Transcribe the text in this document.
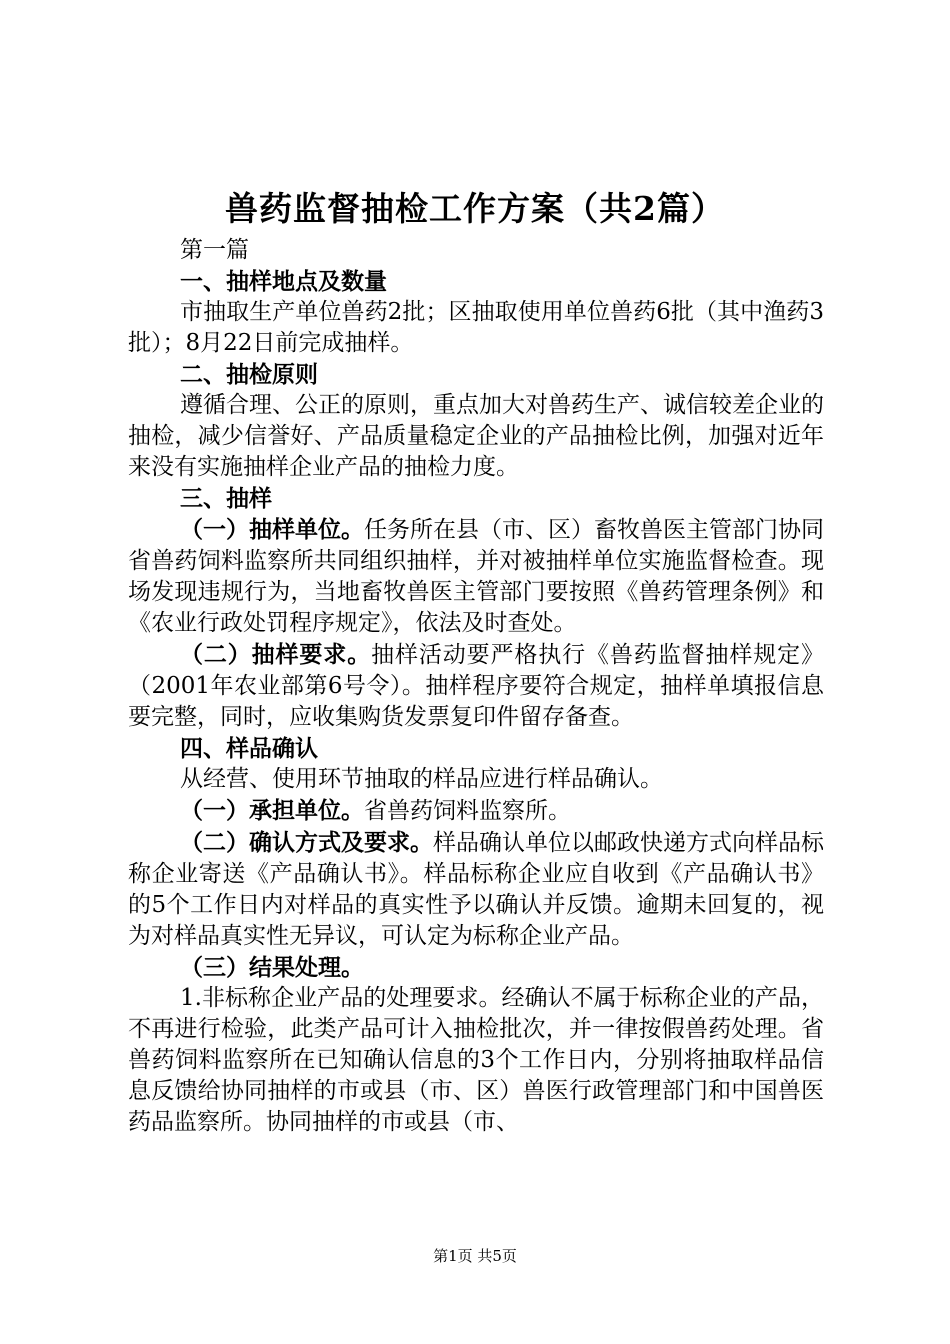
兽药监督抽检工作方案（共2篇）

第一篇

一、抽样地点及数量

市抽取生产单位兽药2批；区抽取使用单位兽药6批（其中渔药3批）；8月22日前完成抽样。

二、抽检原则

遵循合理、公正的原则，重点加大对兽药生产、诚信较差企业的抽检，减少信誉好、产品质量稳定企业的产品抽检比例，加强对近年来没有实施抽样企业产品的抽检力度。

三、抽样

（一）抽样单位。任务所在县（市、区）畜牧兽医主管部门协同省兽药饲料监察所共同组织抽样，并对被抽样单位实施监督检查。现场发现违规行为，当地畜牧兽医主管部门要按照《兽药管理条例》和《农业行政处罚程序规定》，依法及时查处。

（二）抽样要求。抽样活动要严格执行《兽药监督抽样规定》（2001年农业部第6号令）。抽样程序要符合规定，抽样单填报信息要完整，同时，应收集购货发票复印件留存备查。

四、样品确认

从经营、使用环节抽取的样品应进行样品确认。

（一）承担单位。省兽药饲料监察所。

（二）确认方式及要求。样品确认单位以邮政快递方式向样品标称企业寄送《产品确认书》。样品标称企业应自收到《产品确认书》的5个工作日内对样品的真实性予以确认并反馈。逾期未回复的，视为对样品真实性无异议，可认定为标称企业产品。

（三）结果处理。

1.非标称企业产品的处理要求。经确认不属于标称企业的产品，不再进行检验，此类产品可计入抽检批次，并一律按假兽药处理。省兽药饲料监察所在已知确认信息的3个工作日内，分别将抽取样品信息反馈给协同抽样的市或县（市、区）兽医行政管理部门和中国兽医药品监察所。协同抽样的市或县（市、

第1页 共5页
